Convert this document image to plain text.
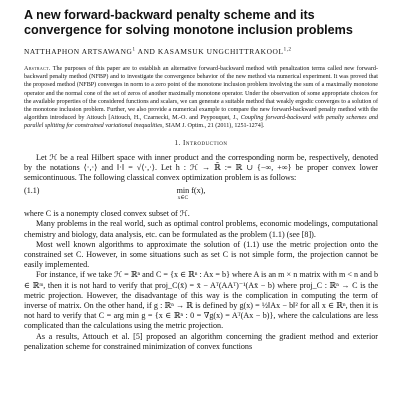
A new forward-backward penalty scheme and its
convergence for solving monotone inclusion problems
NATTHAPHON ARTSAWANG$^1$ AND KASAMSUK UNGCHITTRAKOOL$^{1,2}$
Abstract. The purposes of this paper are to establish an alternative forward-backward method with penalization terms called new forward-backward penalty method (NFBP) and to investigate the convergence behavior of the new method via numerical experiment. It was proved that the proposed method (NFBP) converges in norm to a zero point of the monotone inclusion problem involving the sum of a maximally monotone operator and the normal cone of the set of zeros of another maximally monotone operator. Under the observation of some appropriate choices for the available properties of the considered functions and scalars, we can generate a suitable method that weakly ergodic converges to a solution of the monotone inclusion problem. Further, we also provide a numerical example to compare the new forward-backward penalty method with the algorithm introduced by Attouch [Attouch, H., Czarnecki, M.-O. and Peypouquet, J., Coupling forward-backward with penalty schemes and parallel splitting for constrained variational inequalities, SIAM J. Optim., 21 (2011), 1251-1274].
1. Introduction

Let ℋ be a real Hilbert space with inner product and the corresponding norm be, respectively, denoted by the notations ⟨·,·⟩ and ‖·‖ = √⟨·,·⟩. Let h : ℋ → ℝ̄ := ℝ ∪ {−∞, +∞} be proper convex lower semicontinuous. The following classical convex optimization problem is as follows:

(1.1)	min
x∈C
f(x),

where C is a nonempty closed convex subset of ℋ.

Many problems in the real world, such as optimal control problems, economic modelings, computational chemistry and biology, data analysis, etc. can be formulated as the problem (1.1) (see [8]).

Most well known algorithms to approximate the solution of (1.1) use the metric projection onto the constrained set C. However, in some situations such as set C is not simple form, the projection cannot be easily implemented.

For instance, if we take ℋ = ℝⁿ and C = {x ∈ ℝⁿ : Ax = b} where A is an m × n matrix with m < n and b ∈ ℝᵐ, then it is not hard to verify that proj_C(x̄) = x̄ − Aᵀ(AAᵀ)⁻¹(Ax̄ − b) where proj_C : ℝⁿ → C is the metric projection. However, the disadvantage of this way is the complication in computing the term of inverse of matrix. On the other hand, if g : ℝⁿ → ℝ is defined by g(x) = ½‖Ax − b‖² for all x ∈ ℝⁿ, then it is not hard to verify that C = arg min g = {x ∈ ℝⁿ : 0 = ∇g(x) = Aᵀ(Ax − b)}, where the calculations are less complicated than the calculations using the metric projection.

As a results, Attouch et al. [5] proposed an algorithm concerning the gradient method and exterior penalization scheme for constrained minimization of convex functions
